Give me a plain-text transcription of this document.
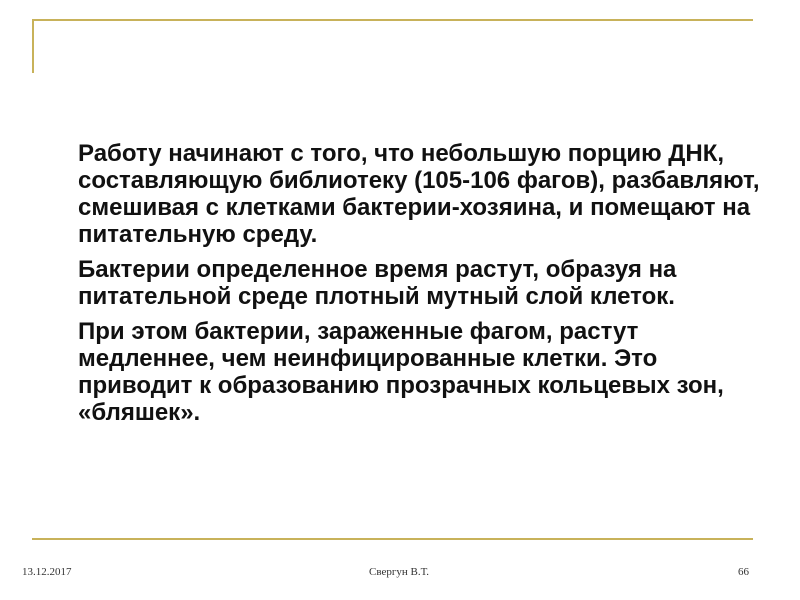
Работу начинают с того, что небольшую порцию ДНК, составляющую библиотеку (105-106 фагов), разбавляют, смешивая с клетками бактерии-хозяина, и помещают на питательную среду.

Бактерии определенное время растут, образуя на питательной среде плотный мутный слой клеток.

При этом бактерии, зараженные фагом, растут медленнее, чем неинфицированные клетки. Это приводит к образованию прозрачных кольцевых зон, «бляшек».

13.12.2017	Свергун В.Т.	66
